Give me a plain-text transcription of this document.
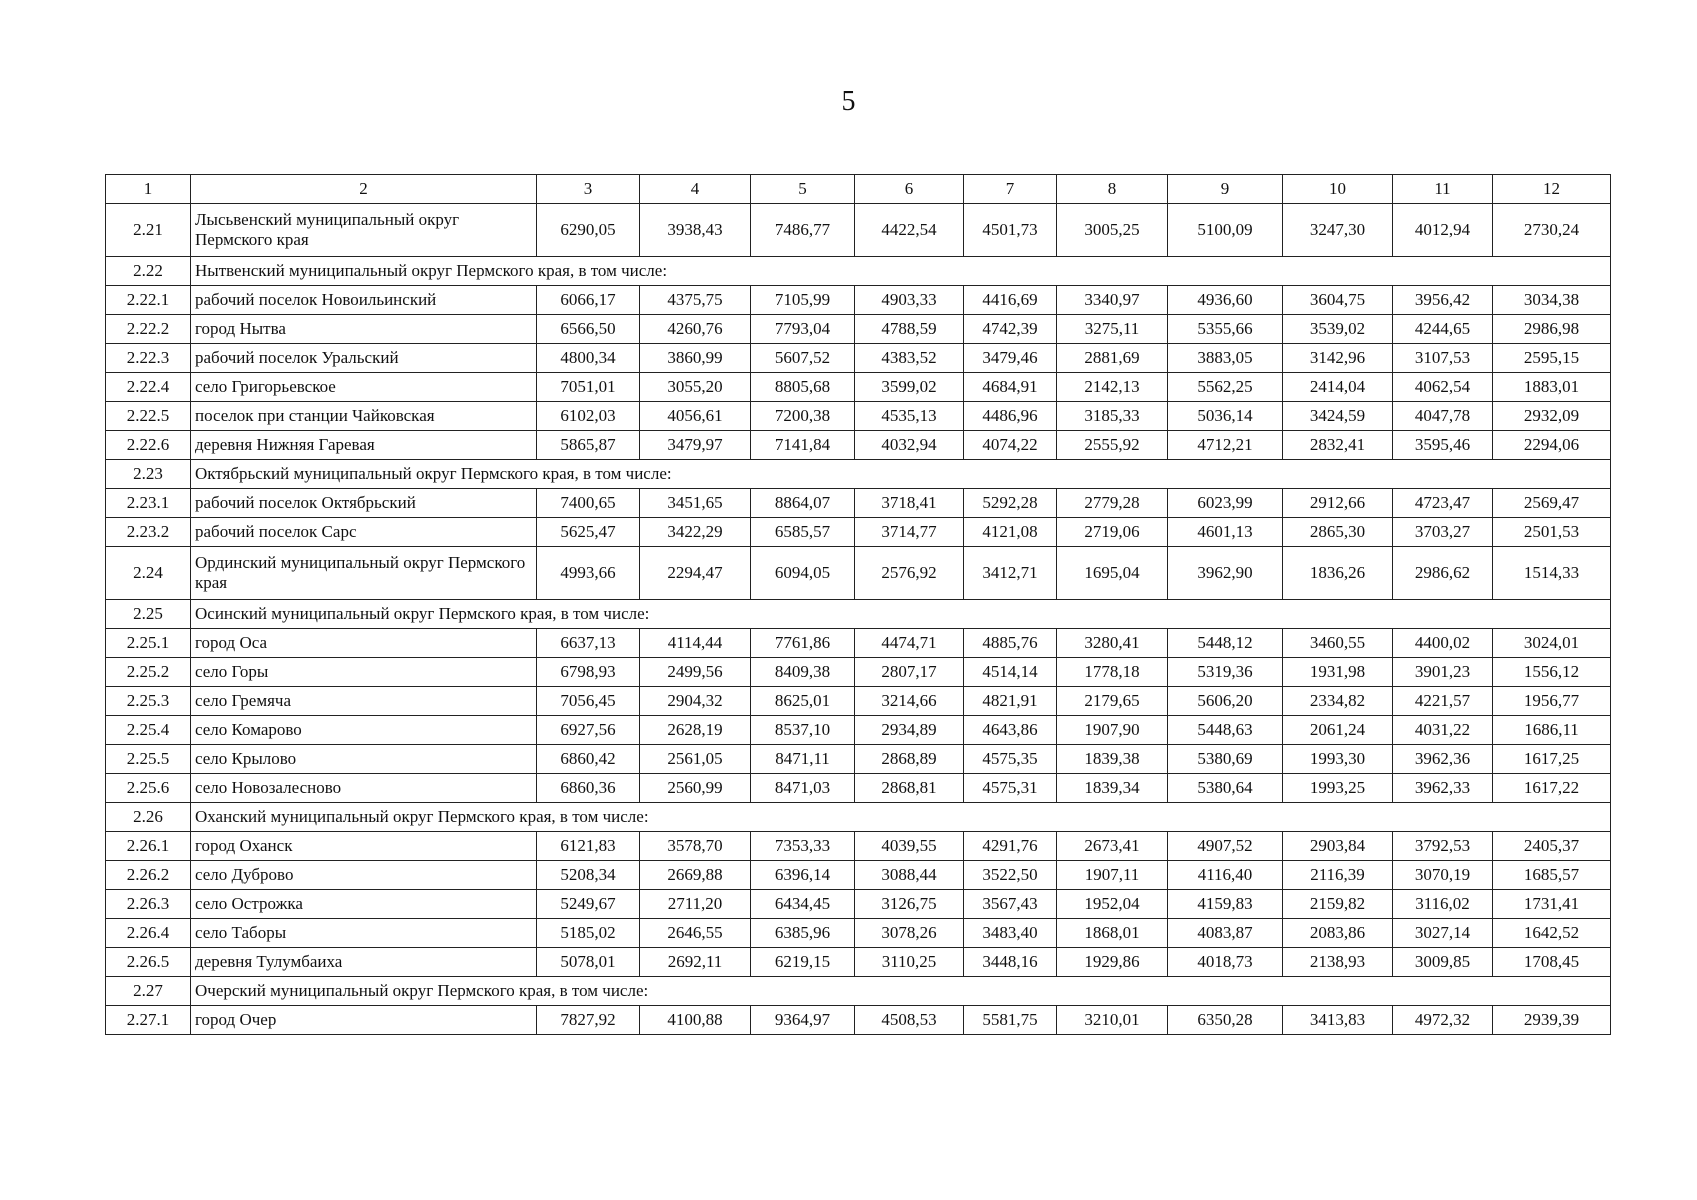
5
1	2	3	4	5	6	7	8	9	10	11	12
2.21	Лысьвенский муниципальный округ Пермского края	6290,05	3938,43	7486,77	4422,54	4501,73	3005,25	5100,09	3247,30	4012,94	2730,24
2.22	Нытвенский муниципальный округ Пермского края, в том числе:										
2.22.1	рабочий поселок Новоильинский	6066,17	4375,75	7105,99	4903,33	4416,69	3340,97	4936,60	3604,75	3956,42	3034,38
2.22.2	город Нытва	6566,50	4260,76	7793,04	4788,59	4742,39	3275,11	5355,66	3539,02	4244,65	2986,98
2.22.3	рабочий поселок Уральский	4800,34	3860,99	5607,52	4383,52	3479,46	2881,69	3883,05	3142,96	3107,53	2595,15
2.22.4	село Григорьевское	7051,01	3055,20	8805,68	3599,02	4684,91	2142,13	5562,25	2414,04	4062,54	1883,01
2.22.5	поселок при станции Чайковская	6102,03	4056,61	7200,38	4535,13	4486,96	3185,33	5036,14	3424,59	4047,78	2932,09
2.22.6	деревня Нижняя Гаревая	5865,87	3479,97	7141,84	4032,94	4074,22	2555,92	4712,21	2832,41	3595,46	2294,06
2.23	Октябрьский муниципальный округ Пермского края, в том числе:										
2.23.1	рабочий поселок Октябрьский	7400,65	3451,65	8864,07	3718,41	5292,28	2779,28	6023,99	2912,66	4723,47	2569,47
2.23.2	рабочий поселок Сарс	5625,47	3422,29	6585,57	3714,77	4121,08	2719,06	4601,13	2865,30	3703,27	2501,53
2.24	Ординский муниципальный округ Пермского края	4993,66	2294,47	6094,05	2576,92	3412,71	1695,04	3962,90	1836,26	2986,62	1514,33
2.25	Осинский муниципальный округ Пермского края, в том числе:										
2.25.1	город Оса	6637,13	4114,44	7761,86	4474,71	4885,76	3280,41	5448,12	3460,55	4400,02	3024,01
2.25.2	село Горы	6798,93	2499,56	8409,38	2807,17	4514,14	1778,18	5319,36	1931,98	3901,23	1556,12
2.25.3	село Гремяча	7056,45	2904,32	8625,01	3214,66	4821,91	2179,65	5606,20	2334,82	4221,57	1956,77
2.25.4	село Комарово	6927,56	2628,19	8537,10	2934,89	4643,86	1907,90	5448,63	2061,24	4031,22	1686,11
2.25.5	село Крылово	6860,42	2561,05	8471,11	2868,89	4575,35	1839,38	5380,69	1993,30	3962,36	1617,25
2.25.6	село Новозалесново	6860,36	2560,99	8471,03	2868,81	4575,31	1839,34	5380,64	1993,25	3962,33	1617,22
2.26	Оханский муниципальный округ Пермского края, в том числе:										
2.26.1	город Оханск	6121,83	3578,70	7353,33	4039,55	4291,76	2673,41	4907,52	2903,84	3792,53	2405,37
2.26.2	село Дуброво	5208,34	2669,88	6396,14	3088,44	3522,50	1907,11	4116,40	2116,39	3070,19	1685,57
2.26.3	село Острожка	5249,67	2711,20	6434,45	3126,75	3567,43	1952,04	4159,83	2159,82	3116,02	1731,41
2.26.4	село Таборы	5185,02	2646,55	6385,96	3078,26	3483,40	1868,01	4083,87	2083,86	3027,14	1642,52
2.26.5	деревня Тулумбаиха	5078,01	2692,11	6219,15	3110,25	3448,16	1929,86	4018,73	2138,93	3009,85	1708,45
2.27	Очерский муниципальный округ Пермского края, в том числе:										
2.27.1	город Очер	7827,92	4100,88	9364,97	4508,53	5581,75	3210,01	6350,28	3413,83	4972,32	2939,39
